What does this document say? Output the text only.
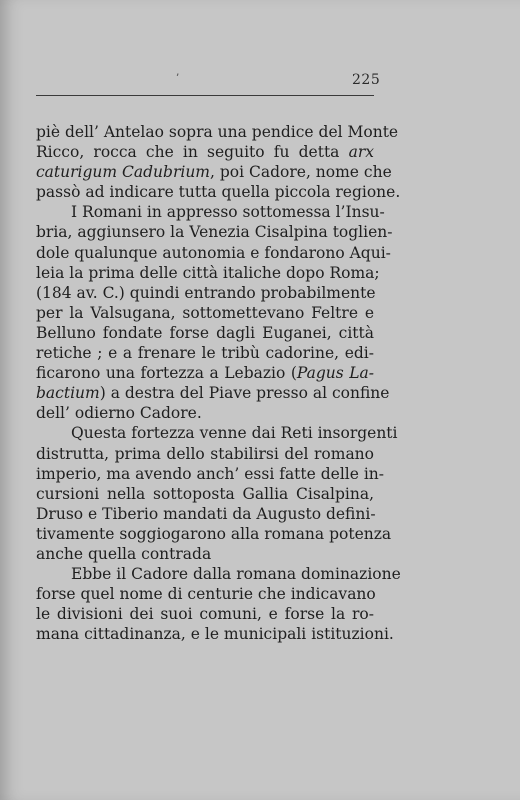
’	225
piè dell’ Antelao sopra una pendice del Monte
Ricco, rocca che in seguito fu detta arx
caturigum Cadubrium, poi Cadore, nome che
passò ad indicare tutta quella piccola regione.
I Romani in appresso sottomessa l’Insu-
bria, aggiunsero la Venezia Cisalpina toglien-
dole qualunque autonomia e fondarono Aqui-
leia la prima delle città italiche dopo Roma;
(184 av. C.) quindi entrando probabilmente
per la Valsugana, sottomettevano Feltre e
Belluno fondate forse dagli Euganei, città
retiche ; e a frenare le tribù cadorine, edi-
ficarono una fortezza a Lebazio (Pagus La-
bactium) a destra del Piave presso al confine
dell’ odierno Cadore.
Questa fortezza venne dai Reti insorgenti
distrutta, prima dello stabilirsi del romano
imperio, ma avendo anch’ essi fatte delle in-
cursioni nella sottoposta Gallia Cisalpina,
Druso e Tiberio mandati da Augusto defini-
tivamente soggiogarono alla romana potenza
anche quella contrada
Ebbe il Cadore dalla romana dominazione
forse quel nome di centurie che indicavano
le divisioni dei suoi comuni, e forse la ro-
mana cittadinanza, e le municipali istituzioni.
